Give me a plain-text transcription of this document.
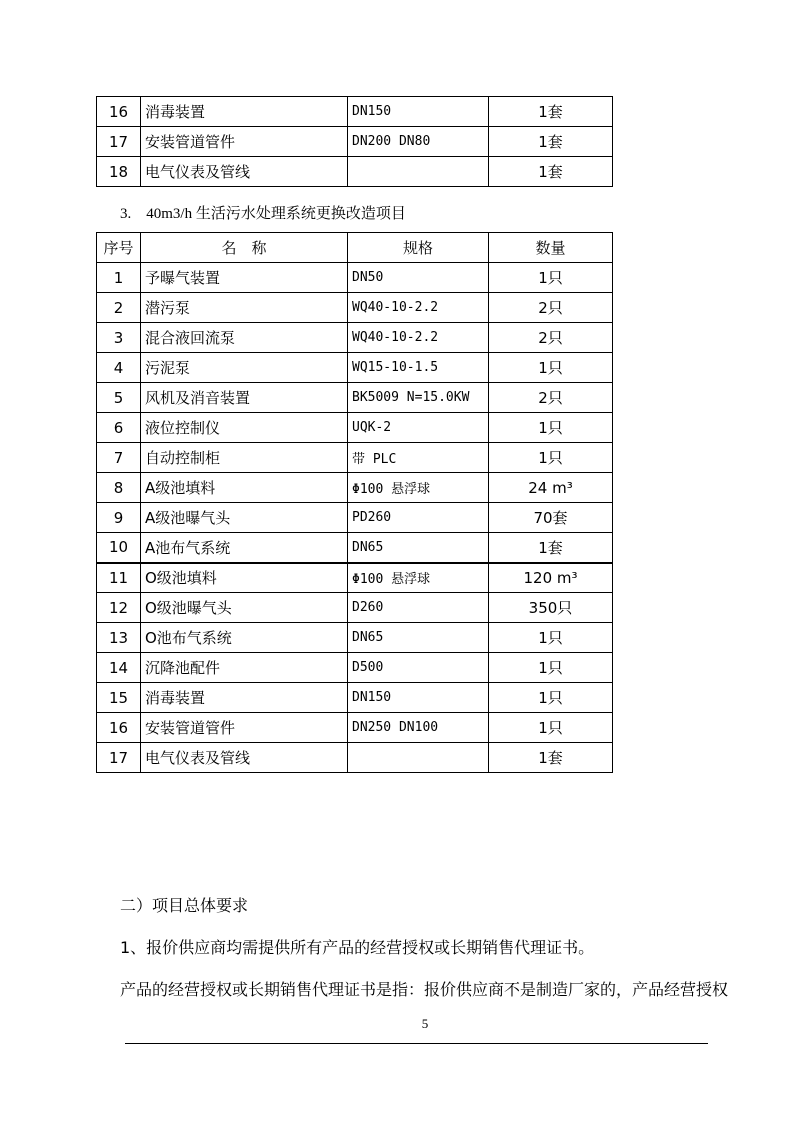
16	消毒装置	DN150	1套
17	安装管道管件	DN200 DN80	1套
18	电气仪表及管线		1套
3. 40m3/h 生活污水处理系统更换改造项目
序号	名　称	规格	数量
1	予曝气装置	DN50	1只
2	潜污泵	WQ40-10-2.2	2只
3	混合液回流泵	WQ40-10-2.2	2只
4	污泥泵	WQ15-10-1.5	1只
5	风机及消音装置	BK5009 N=15.0KW	2只
6	液位控制仪	UQK-2	1只
7	自动控制柜	带 PLC	1只
8	A级池填料	Φ100 悬浮球	24 m³
9	A级池曝气头	PD260	70套
10	A池布气系统	DN65	1套
11	O级池填料	Φ100 悬浮球	120 m³
12	O级池曝气头	D260	350只
13	O池布气系统	DN65	1只
14	沉降池配件	D500	1只
15	消毒装置	DN150	1只
16	安装管道管件	DN250 DN100	1只
17	电气仪表及管线		1套
二）项目总体要求
1、报价供应商均需提供所有产品的经营授权或长期销售代理证书。
产品的经营授权或长期销售代理证书是指：报价供应商不是制造厂家的，产品经营授权
5
